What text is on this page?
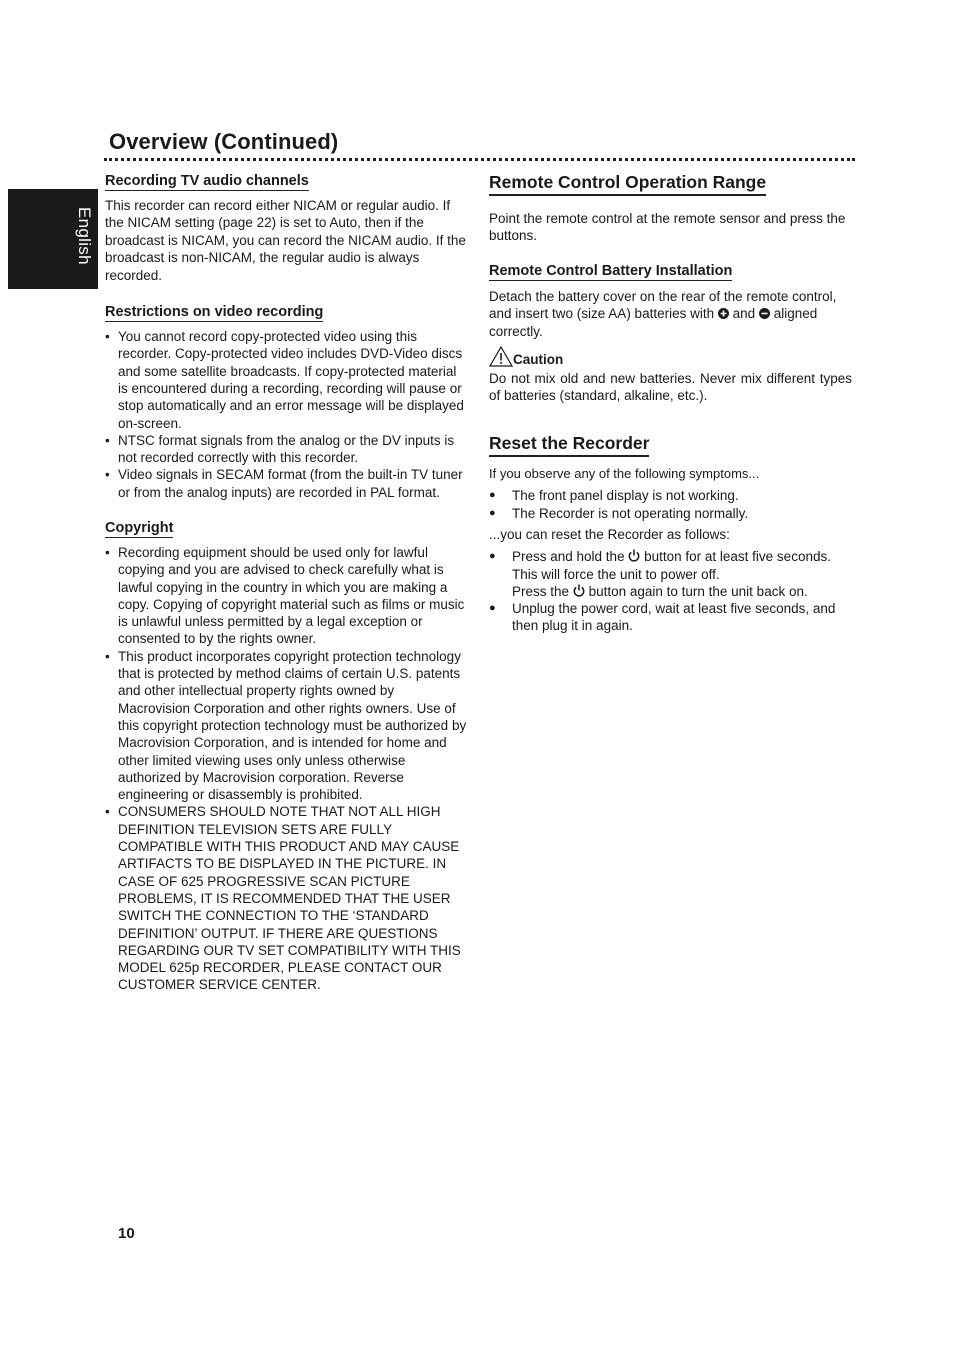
Overview (Continued)
English
Recording TV audio channels

This recorder can record either NICAM or regular audio. If the NICAM setting (page 22) is set to Auto, then if the broadcast is NICAM, you can record the NICAM audio. If the broadcast is non-NICAM, the regular audio is always recorded.

Restrictions on video recording
• You cannot record copy-protected video using this recorder. Copy-protected video includes DVD-Video discs and some satellite broadcasts. If copy-protected material is encountered during a recording, recording will pause or stop automatically and an error message will be displayed on-screen.
• NTSC format signals from the analog or the DV inputs is not recorded correctly with this recorder.
• Video signals in SECAM format (from the built-in TV tuner or from the analog inputs) are recorded in PAL format.
Copyright
• Recording equipment should be used only for lawful copying and you are advised to check carefully what is lawful copying in the country in which you are making a copy. Copying of copyright material such as films or music is unlawful unless permitted by a legal exception or consented to by the rights owner.
• This product incorporates copyright protection technology that is protected by method claims of certain U.S. patents and other intellectual property rights owned by Macrovision Corporation and other rights owners. Use of this copyright protection technology must be authorized by Macrovision Corporation, and is intended for home and other limited viewing uses only unless otherwise authorized by Macrovision corporation. Reverse engineering or disassembly is prohibited.
• CONSUMERS SHOULD NOTE THAT NOT ALL HIGH DEFINITION TELEVISION SETS ARE FULLY COMPATIBLE WITH THIS PRODUCT AND MAY CAUSE ARTIFACTS TO BE DISPLAYED IN THE PICTURE. IN CASE OF 625 PROGRESSIVE SCAN PICTURE PROBLEMS, IT IS RECOMMENDED THAT THE USER SWITCH THE CONNECTION TO THE ‘STANDARD DEFINITION’ OUTPUT. IF THERE ARE QUESTIONS REGARDING OUR TV SET COMPATIBILITY WITH THIS MODEL 625p RECORDER, PLEASE CONTACT OUR CUSTOMER SERVICE CENTER.
Remote Control Operation Range

Point the remote control at the remote sensor and press the buttons.

Remote Control Battery Installation

Detach the battery cover on the rear of the remote control, and insert two (size AA) batteries with and aligned correctly.

Caution

Do not mix old and new batteries. Never mix different types of batteries (standard, alkaline, etc.).

Reset the Recorder

If you observe any of the following symptoms...

● The front panel display is not working.
● The Recorder is not operating normally.

...you can reset the Recorder as follows:

● Press and hold the button for at least five seconds. This will force the unit to power off.
Press the button again to turn the unit back on.
● Unplug the power cord, wait at least five seconds, and then plug it in again.
10
